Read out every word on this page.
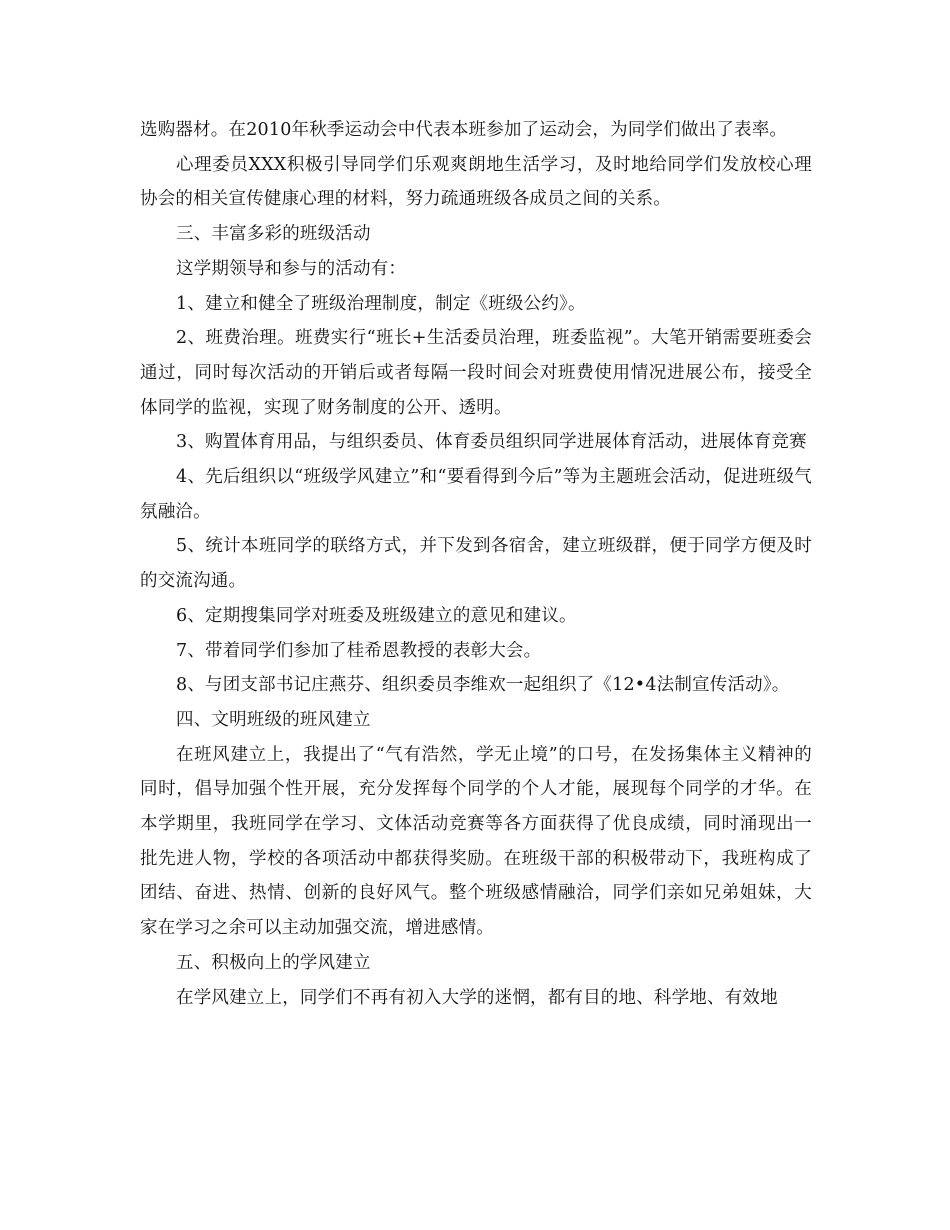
选购器材。在2010年秋季运动会中代表本班参加了运动会，为同学们做出了表率。

心理委员XXX积极引导同学们乐观爽朗地生活学习，及时地给同学们发放校心理协会的相关宣传健康心理的材料，努力疏通班级各成员之间的关系。

三、丰富多彩的班级活动

这学期领导和参与的活动有：

1、建立和健全了班级治理制度，制定《班级公约》。

2、班费治理。班费实行“班长+生活委员治理，班委监视”。大笔开销需要班委会通过，同时每次活动的开销后或者每隔一段时间会对班费使用情况进展公布，接受全体同学的监视，实现了财务制度的公开、透明。

3、购置体育用品，与组织委员、体育委员组织同学进展体育活动，进展体育竞赛

4、先后组织以“班级学风建立”和“要看得到今后”等为主题班会活动，促进班级气氛融洽。

5、统计本班同学的联络方式，并下发到各宿舍，建立班级群，便于同学方便及时的交流沟通。

6、定期搜集同学对班委及班级建立的意见和建议。

7、带着同学们参加了桂希恩教授的表彰大会。

8、与团支部书记庄燕芬、组织委员李维欢一起组织了《12•4法制宣传活动》。

四、文明班级的班风建立

在班风建立上，我提出了“气有浩然，学无止境”的口号，在发扬集体主义精神的同时，倡导加强个性开展，充分发挥每个同学的个人才能，展现每个同学的才华。在本学期里，我班同学在学习、文体活动竞赛等各方面获得了优良成绩，同时涌现出一批先进人物，学校的各项活动中都获得奖励。在班级干部的积极带动下，我班构成了团结、奋进、热情、创新的良好风气。整个班级感情融洽，同学们亲如兄弟姐妹，大家在学习之余可以主动加强交流，增进感情。

五、积极向上的学风建立

在学风建立上，同学们不再有初入大学的迷惘，都有目的地、科学地、有效地
